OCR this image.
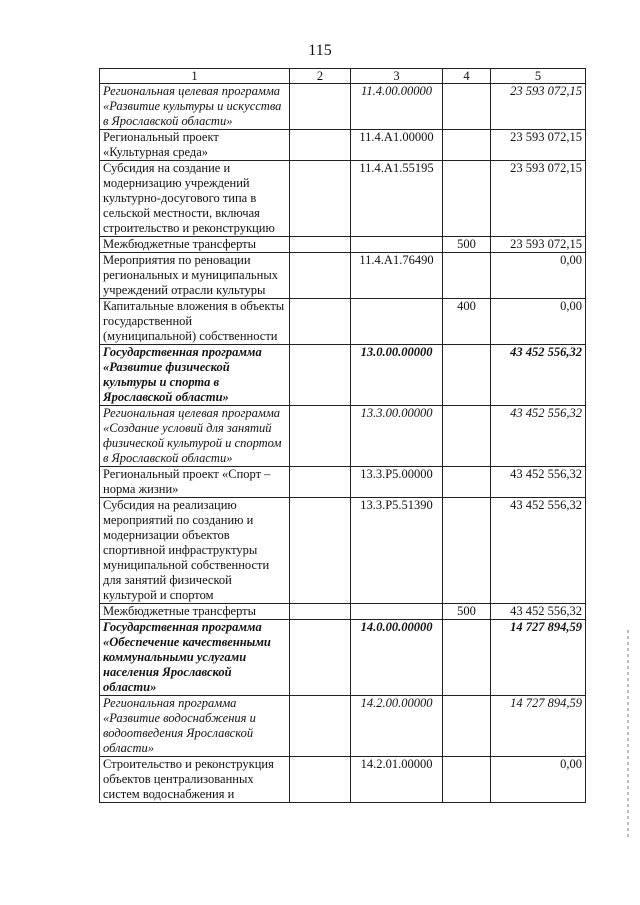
115
1	2	3	4	5
Региональная целевая программа «Развитие культуры и искусства в Ярославской области»		11.4.00.00000		23 593 072,15
Региональный проект «Культурная среда»		11.4.A1.00000		23 593 072,15
Субсидия на создание и модернизацию учреждений культурно-досугового типа в сельской местности, включая строительство и реконструкцию		11.4.A1.55195		23 593 072,15
Межбюджетные трансферты			500	23 593 072,15
Мероприятия по реновации региональных и муниципальных учреждений отрасли культуры		11.4.A1.76490		0,00
Капитальные вложения в объекты государственной (муниципальной) собственности			400	0,00
Государственная программа «Развитие физической культуры и спорта в Ярославской области»		13.0.00.00000		43 452 556,32
Региональная целевая программа «Создание условий для занятий физической культурой и спортом в Ярославской области»		13.3.00.00000		43 452 556,32
Региональный проект «Спорт – норма жизни»		13.3.P5.00000		43 452 556,32
Субсидия на реализацию мероприятий по созданию и модернизации объектов спортивной инфраструктуры муниципальной собственности для занятий физической культурой и спортом		13.3.P5.51390		43 452 556,32
Межбюджетные трансферты			500	43 452 556,32
Государственная программа «Обеспечение качественными коммунальными услугами населения Ярославской области»		14.0.00.00000		14 727 894,59
Региональная программа «Развитие водоснабжения и водоотведения Ярославской области»		14.2.00.00000		14 727 894,59
Строительство и реконструкция объектов централизованных систем водоснабжения и		14.2.01.00000		0,00
